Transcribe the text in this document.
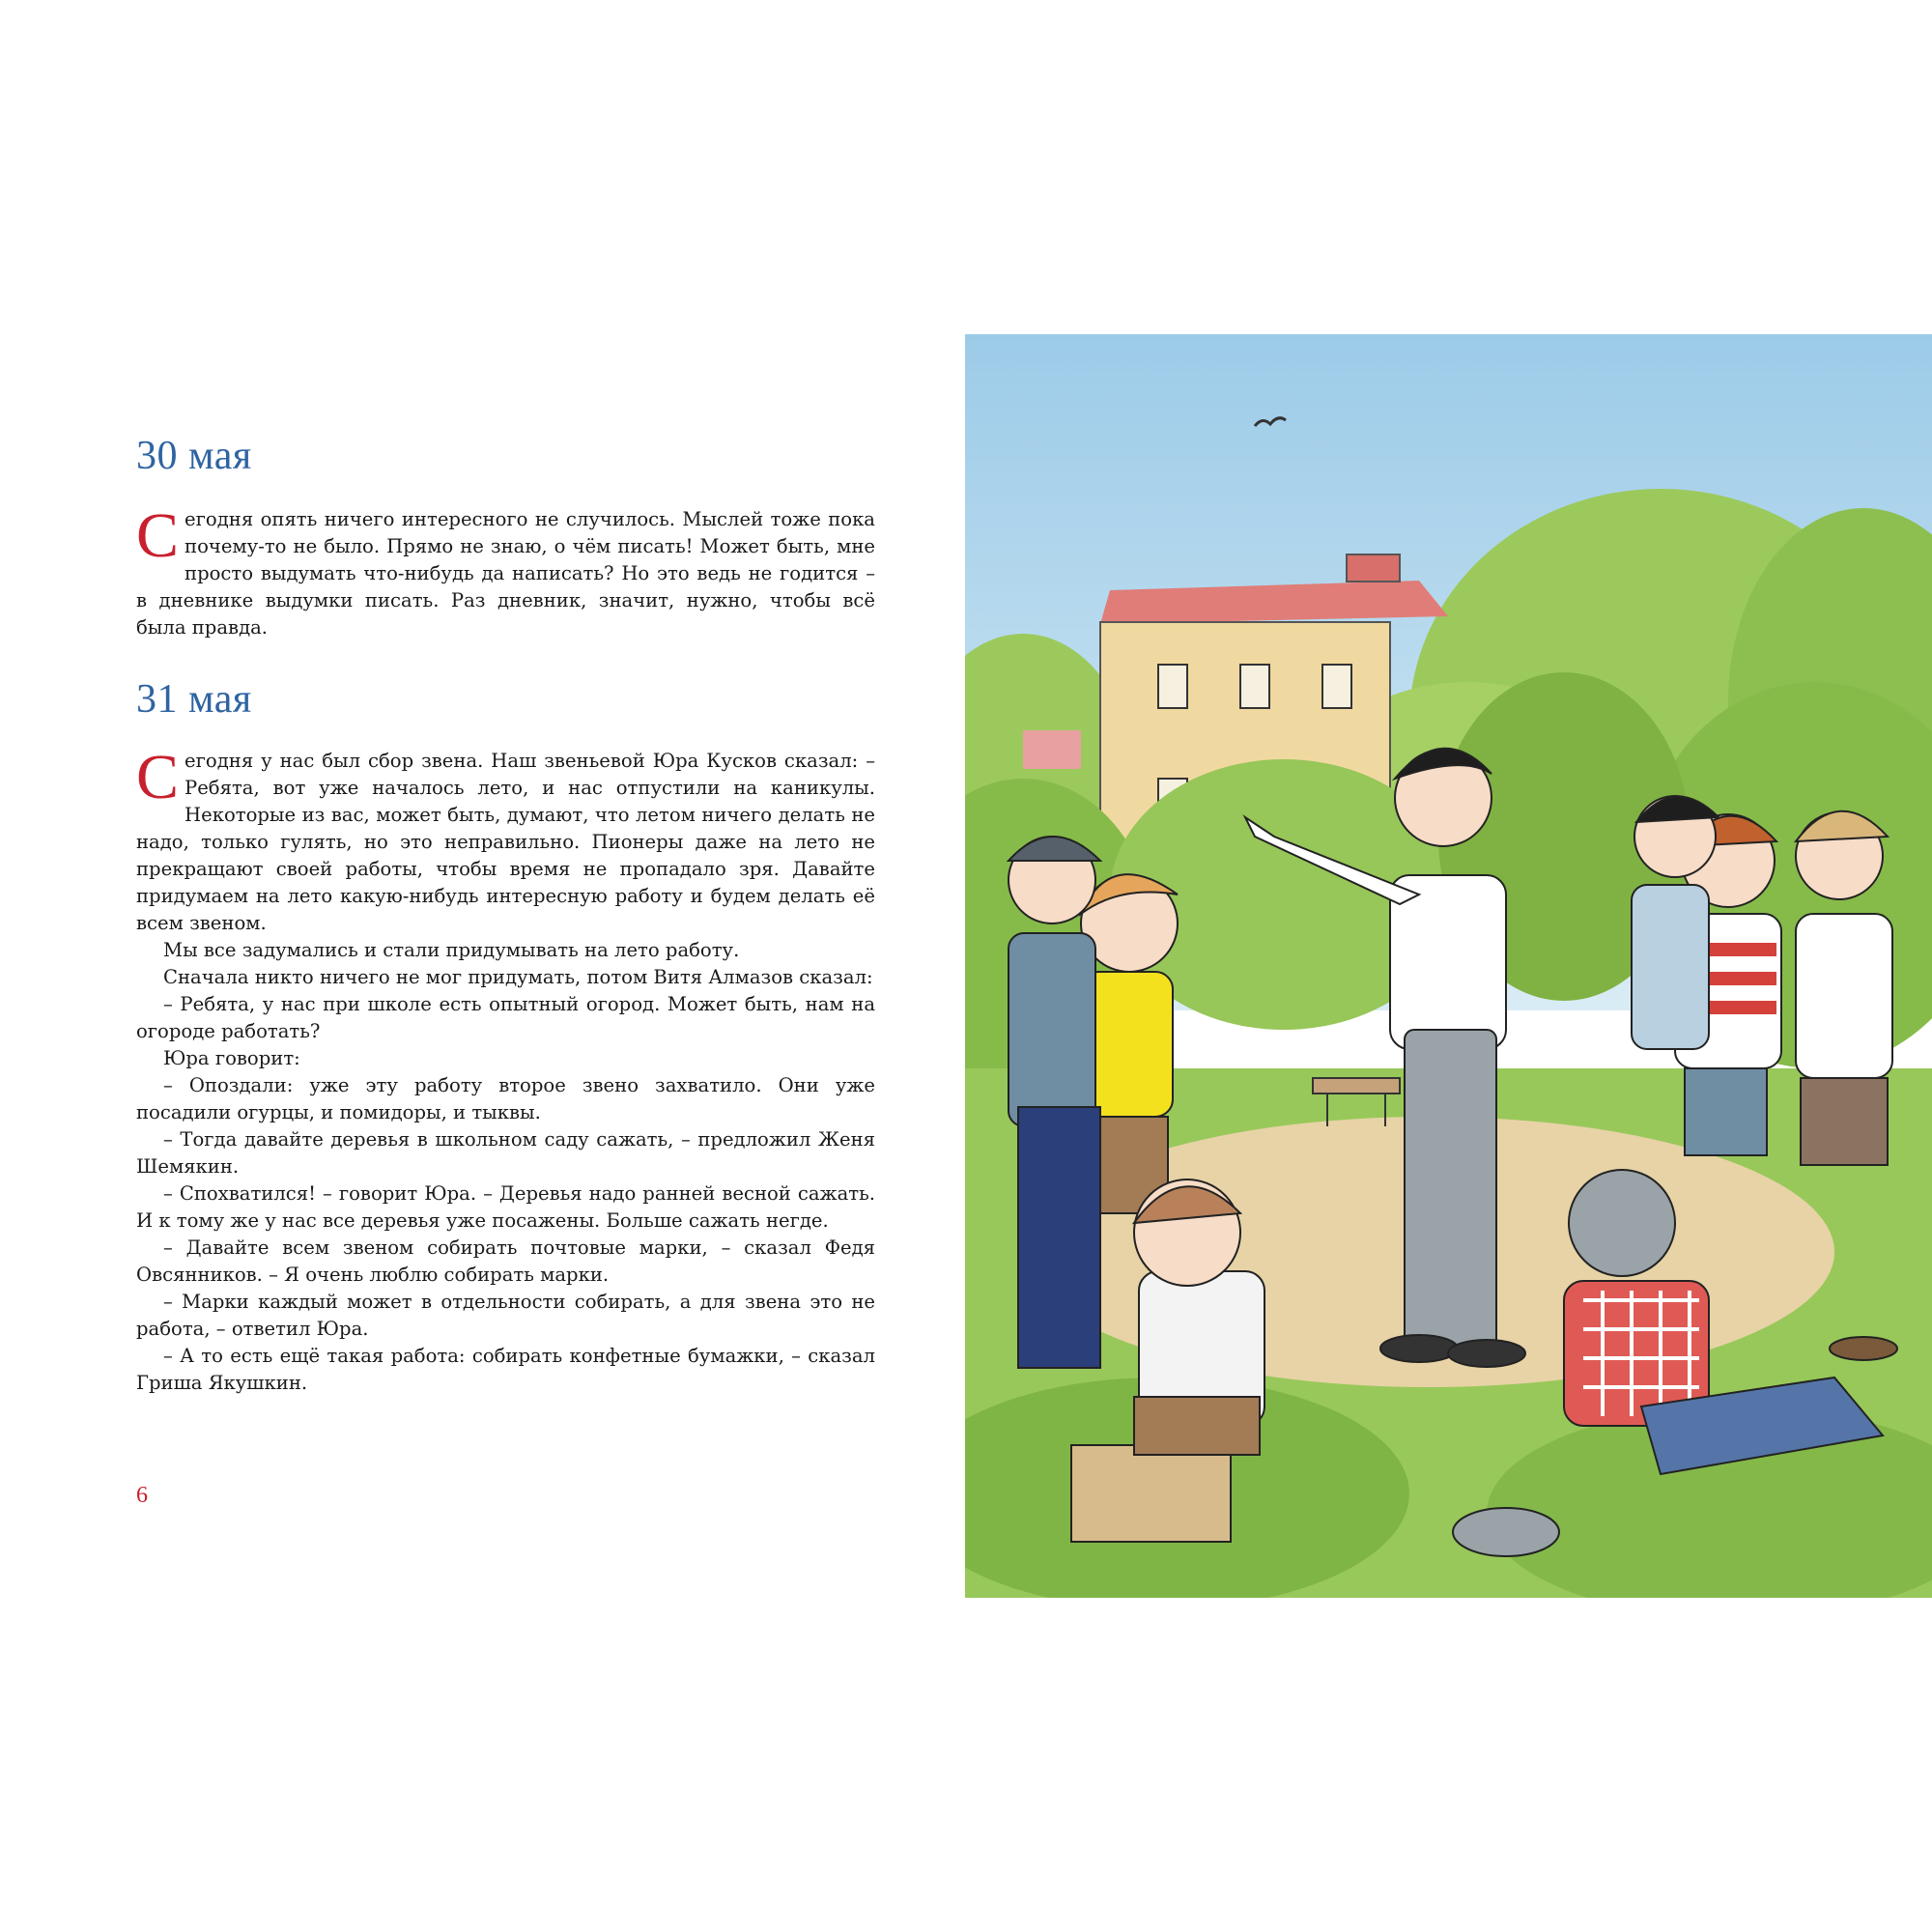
30 мая

Сегодня опять ничего интересного не случилось. Мыслей тоже пока почему-то не было. Прямо не знаю, о чём писать! Может быть, мне просто выдумать что-нибудь да написать? Но это ведь не годится – в дневнике выдумки писать. Раз дневник, значит, нужно, чтобы всё была правда.

31 мая

Сегодня у нас был сбор звена. Наш звеньевой Юра Кусков сказал: – Ребята, вот уже началось лето, и нас отпустили на каникулы. Некоторые из вас, может быть, думают, что летом ничего делать не надо, только гулять, но это неправильно. Пионеры даже на лето не прекращают своей работы, чтобы время не пропадало зря. Давайте придумаем на лето какую-нибудь интересную работу и будем делать её всем звеном.

Мы все задумались и стали придумывать на лето работу.

Сначала никто ничего не мог придумать, потом Витя Алмазов сказал:

– Ребята, у нас при школе есть опытный огород. Может быть, нам на огороде работать?

Юра говорит:

– Опоздали: уже эту работу второе звено захватило. Они уже посадили огурцы, и помидоры, и тыквы.

– Тогда давайте деревья в школьном саду сажать, – предложил Женя Шемякин.

– Спохватился! – говорит Юра. – Деревья надо ранней весной сажать. И к тому же у нас все деревья уже посажены. Больше сажать негде.

– Давайте всем звеном собирать почтовые марки, – сказал Федя Овсянников. – Я очень люблю собирать марки.

– Марки каждый может в отдельности собирать, а для звена это не работа, – ответил Юра.

– А то есть ещё такая работа: собирать конфетные бумажки, – сказал Гриша Якушкин.

6
